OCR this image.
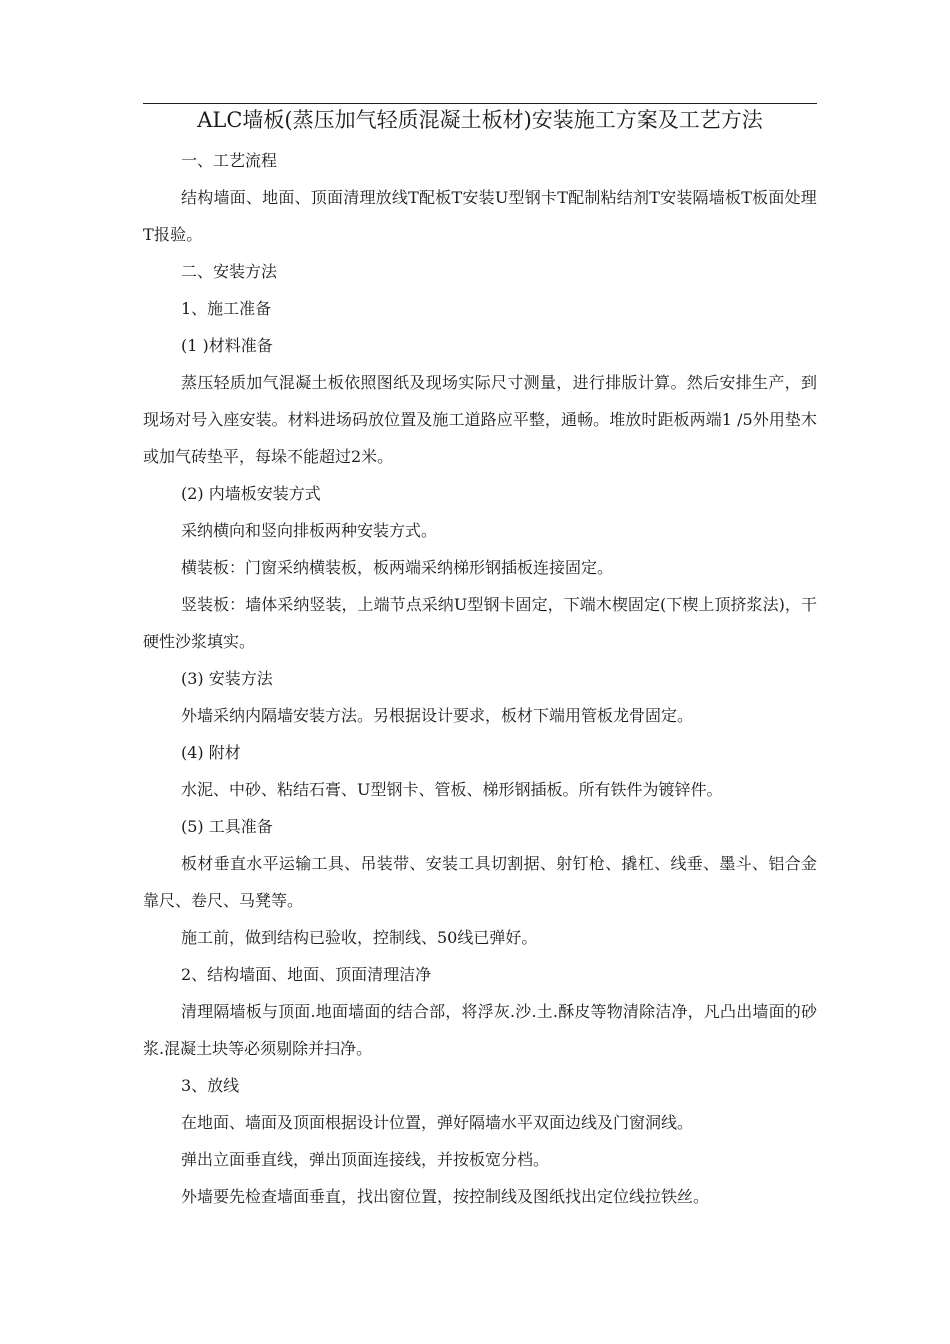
ALC墙板(蒸压加气轻质混凝土板材)安装施工方案及工艺方法

一、工艺流程

结构墙面、地面、顶面清理放线T配板T安装U型钢卡T配制粘结剂T安装隔墙板T板面处理T报验。

二、安装方法

1、施工准备

(1 )材料准备

蒸压轻质加气混凝土板依照图纸及现场实际尺寸测量，进行排版计算。然后安排生产，到现场对号入座安装。材料进场码放位置及施工道路应平整，通畅。堆放时距板两端1 /5外用垫木或加气砖垫平，每垛不能超过2米。

(2) 内墙板安装方式

采纳横向和竖向排板两种安装方式。

横装板：门窗采纳横装板，板两端采纳梯形钢插板连接固定。

竖装板：墙体采纳竖装，上端节点采纳U型钢卡固定，下端木楔固定(下楔上顶挤浆法)，干硬性沙浆填实。

(3) 安装方法

外墙采纳内隔墙安装方法。另根据设计要求，板材下端用管板龙骨固定。

(4) 附材

水泥、中砂、粘结石膏、U型钢卡、管板、梯形钢插板。所有铁件为镀锌件。

(5) 工具准备

板材垂直水平运输工具、吊装带、安装工具切割据、射钉枪、撬杠、线垂、墨斗、铝合金靠尺、卷尺、马凳等。

施工前，做到结构已验收，控制线、50线已弹好。

2、结构墙面、地面、顶面清理洁净

清理隔墙板与顶面.地面墙面的结合部，将浮灰.沙.土.酥皮等物清除洁净，凡凸出墙面的砂浆.混凝土块等必须剔除并扫净。

3、放线

在地面、墙面及顶面根据设计位置，弹好隔墙水平双面边线及门窗洞线。

弹出立面垂直线，弹出顶面连接线，并按板宽分档。

外墙要先检查墙面垂直，找出窗位置，按控制线及图纸找出定位线拉铁丝。
